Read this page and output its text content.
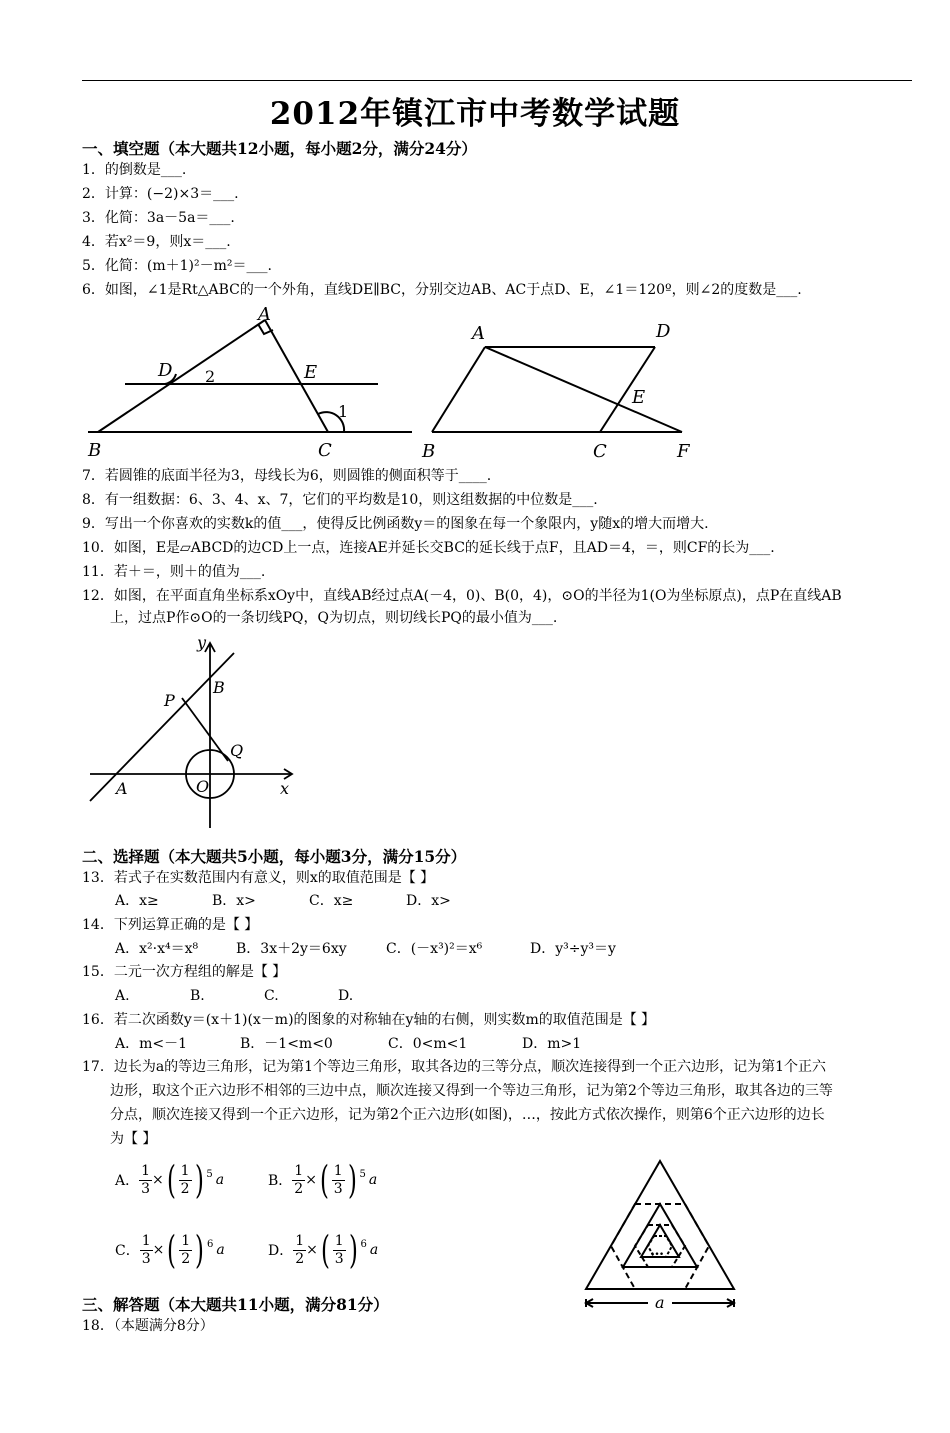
2012年镇江市中考数学试题
一、填空题（本大题共12小题，每小题2分，满分24分）
1．的倒数是___.
2．计算：(−2)×3＝___.
3．化简：3a－5a＝___.
4．若x²＝9，则x＝___.
5．化简：(m＋1)²－m²＝___.
6．如图，∠1是Rt△ABC的一个外角，直线DE∥BC，分别交边AB、AC于点D、E，∠1＝120º，则∠2的度数是___.
A
B	C
D	E
1
2
A	D
E
B	C	F
7．若圆锥的底面半径为3，母线长为6，则圆锥的侧面积等于____.
8．有一组数据：6、3、4、x、7，它们的平均数是10，则这组数据的中位数是___.
9．写出一个你喜欢的实数k的值___，使得反比例函数y＝的图象在每一个象限内，y随x的增大而增大.
10．如图，E是▱ABCD的边CD上一点，连接AE并延长交BC的延长线于点F，且AD＝4，＝，则CF的长为___.
11．若＋＝，则＋的值为___.
12．如图，在平面直角坐标系xOy中，直线AB经过点A(－4，0)、B(0，4)，⊙O的半径为1(O为坐标原点)，点P在直线AB
上，过点P作⊙O的一条切线PQ，Q为切点，则切线长PQ的最小值为___.
y
B
P
Q
A	O	x
二、选择题（本大题共5小题，每小题3分，满分15分）
13．若式子在实数范围内有意义，则x的取值范围是【 】
A．x≥	B．x>	C．x≥	D．x>
14．下列运算正确的是【 】
A．x²·x⁴＝x⁸	B．3x＋2y＝6xy	C．(－x³)²＝x⁶	D．y³÷y³＝y
15．二元一次方程组的解是【 】
A.	B.	C.	D.
16．若二次函数y＝(x＋1)(x－m)的图象的对称轴在y轴的右侧，则实数m的取值范围是【 】
A．m<－1	B．－1<m<0	C．0<m<1	D．m>1
17．边长为a的等边三角形，记为第1个等边三角形，取其各边的三等分点，顺次连接得到一个正六边形，记为第1个正六
边形，取这个正六边形不相邻的三边中点，顺次连接又得到一个等边三角形，记为第2个等边三角形，取其各边的三等
分点，顺次连接又得到一个正六边形，记为第2个正六边形(如图)，…，按此方式依次操作，则第6个正六边形的边长
为【 】
A． $\frac{1}{3}$ × ( $\frac{1}{2}$ ) 5 a	B． $\frac{1}{2}$ × ( $\frac{1}{3}$ ) 5 a
C． $\frac{1}{3}$ × ( $\frac{1}{2}$ ) 6 a	D． $\frac{1}{2}$ × ( $\frac{1}{3}$ ) 6 a	…
a
三、解答题（本大题共11小题，满分81分）
18．（本题满分8分）
